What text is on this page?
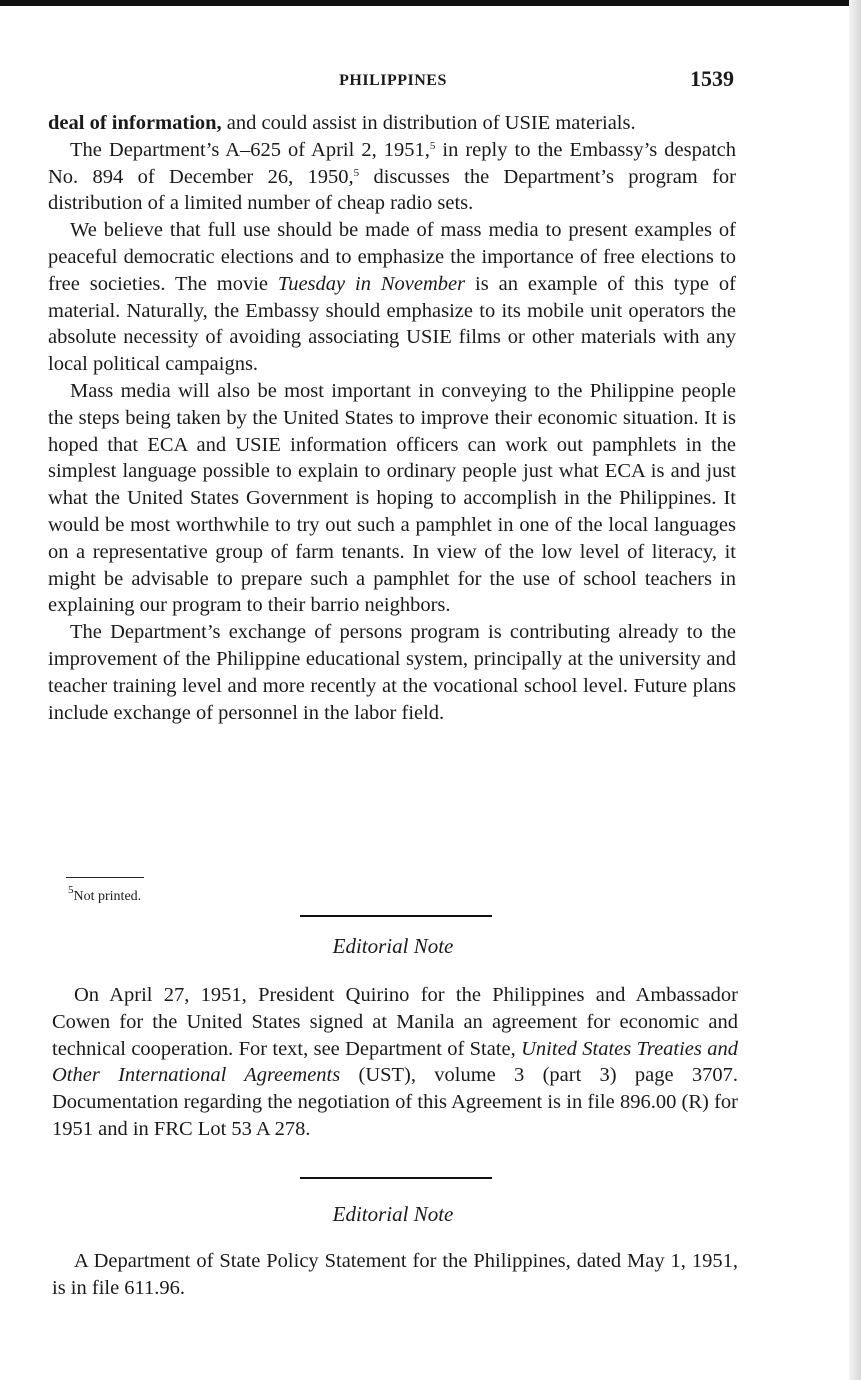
PHILIPPINES	1539

deal of information, and could assist in distribution of USIE materials.

The Department’s A–625 of April 2, 1951,$^5$ in reply to the Embassy’s despatch No. 894 of December 26, 1950,$^5$ discusses the Department’s program for distribution of a limited number of cheap radio sets.

We believe that full use should be made of mass media to present examples of peaceful democratic elections and to emphasize the importance of free elections to free societies. The movie Tuesday in November is an example of this type of material. Naturally, the Embassy should emphasize to its mobile unit operators the absolute necessity of avoiding associating USIE films or other materials with any local political campaigns.

Mass media will also be most important in conveying to the Philippine people the steps being taken by the United States to improve their economic situation. It is hoped that ECA and USIE information officers can work out pamphlets in the simplest language possible to explain to ordinary people just what ECA is and just what the United States Government is hoping to accomplish in the Philippines. It would be most worthwhile to try out such a pamphlet in one of the local languages on a representative group of farm tenants. In view of the low level of literacy, it might be advisable to prepare such a pamphlet for the use of school teachers in explaining our program to their barrio neighbors.

The Department’s exchange of persons program is contributing already to the improvement of the Philippine educational system, principally at the university and teacher training level and more recently at the vocational school level. Future plans include exchange of personnel in the labor field.

$^5$Not printed.
Editorial Note

On April 27, 1951, President Quirino for the Philippines and Ambassador Cowen for the United States signed at Manila an agreement for economic and technical cooperation. For text, see Department of State, United States Treaties and Other International Agreements (UST), volume 3 (part 3) page 3707. Documentation regarding the negotiation of this Agreement is in file 896.00 (R) for 1951 and in FRC Lot 53 A 278.

Editorial Note

A Department of State Policy Statement for the Philippines, dated May 1, 1951, is in file 611.96.
